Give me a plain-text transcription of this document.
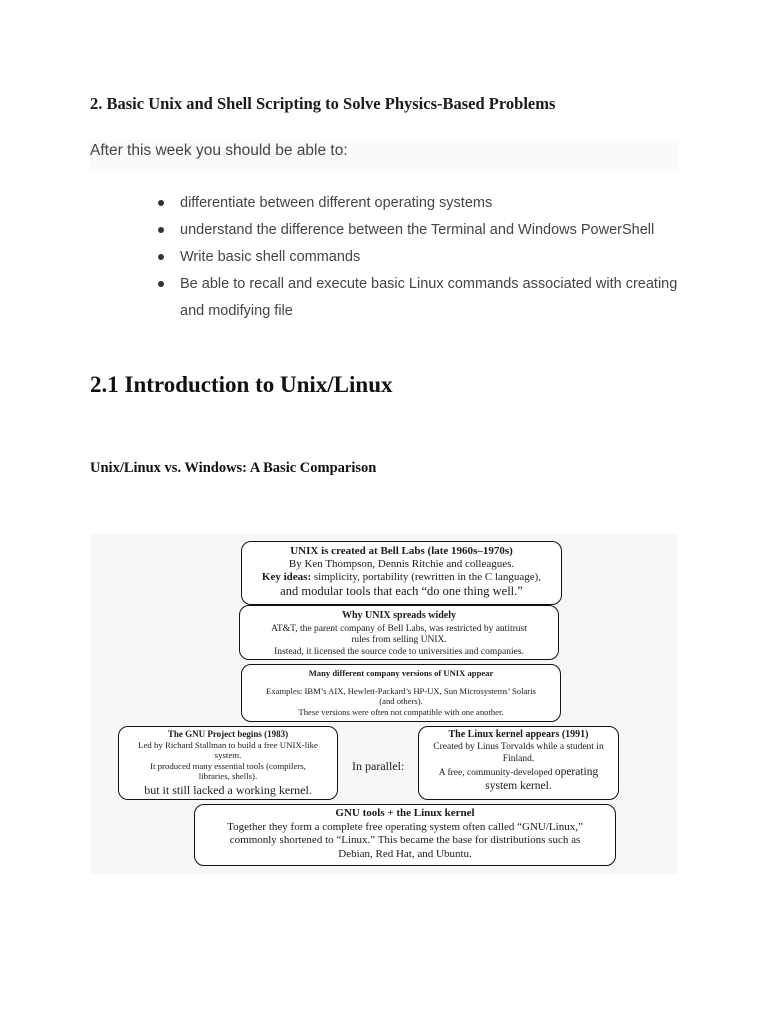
2. Basic Unix and Shell Scripting to Solve Physics-Based Problems

After this week you should be able to:

differentiate between different operating systems
understand the difference between the Terminal and Windows PowerShell
Write basic shell commands
Be able to recall and execute basic Linux commands associated with creating and modifying file
2.1 Introduction to Unix/Linux
Unix/Linux vs. Windows: A Basic Comparison
UNIX is created at Bell Labs (late 1960s–1970s)
By Ken Thompson, Dennis Ritchie and colleagues.
Key ideas: simplicity, portability (rewritten in the C language),
and modular tools that each “do one thing well.”
Why UNIX spreads widely
AT&T, the parent company of Bell Labs, was restricted by antitrust
rules from selling UNIX.
Instead, it licensed the source code to universities and companies.
Many different company versions of UNIX appear
Examples: IBM’s AIX, Hewlett-Packard’s HP-UX, Sun Microsystems’ Solaris
(and others).
These versions were often not compatible with one another.
The GNU Project begins (1983)
Led by Richard Stallman to build a free UNIX-like
system.
It produced many essential tools (compilers,
libraries, shells).
but it still lacked a working kernel.

In parallel:

The Linux kernel appears (1991)
Created by Linus Torvalds while a student in
Finland.
A free, community-developed operating
system kernel.
GNU tools + the Linux kernel
Together they form a complete free operating system often called “GNU/Linux,”
commonly shortened to “Linux.” This became the base for distributions such as
Debian, Red Hat, and Ubuntu.
